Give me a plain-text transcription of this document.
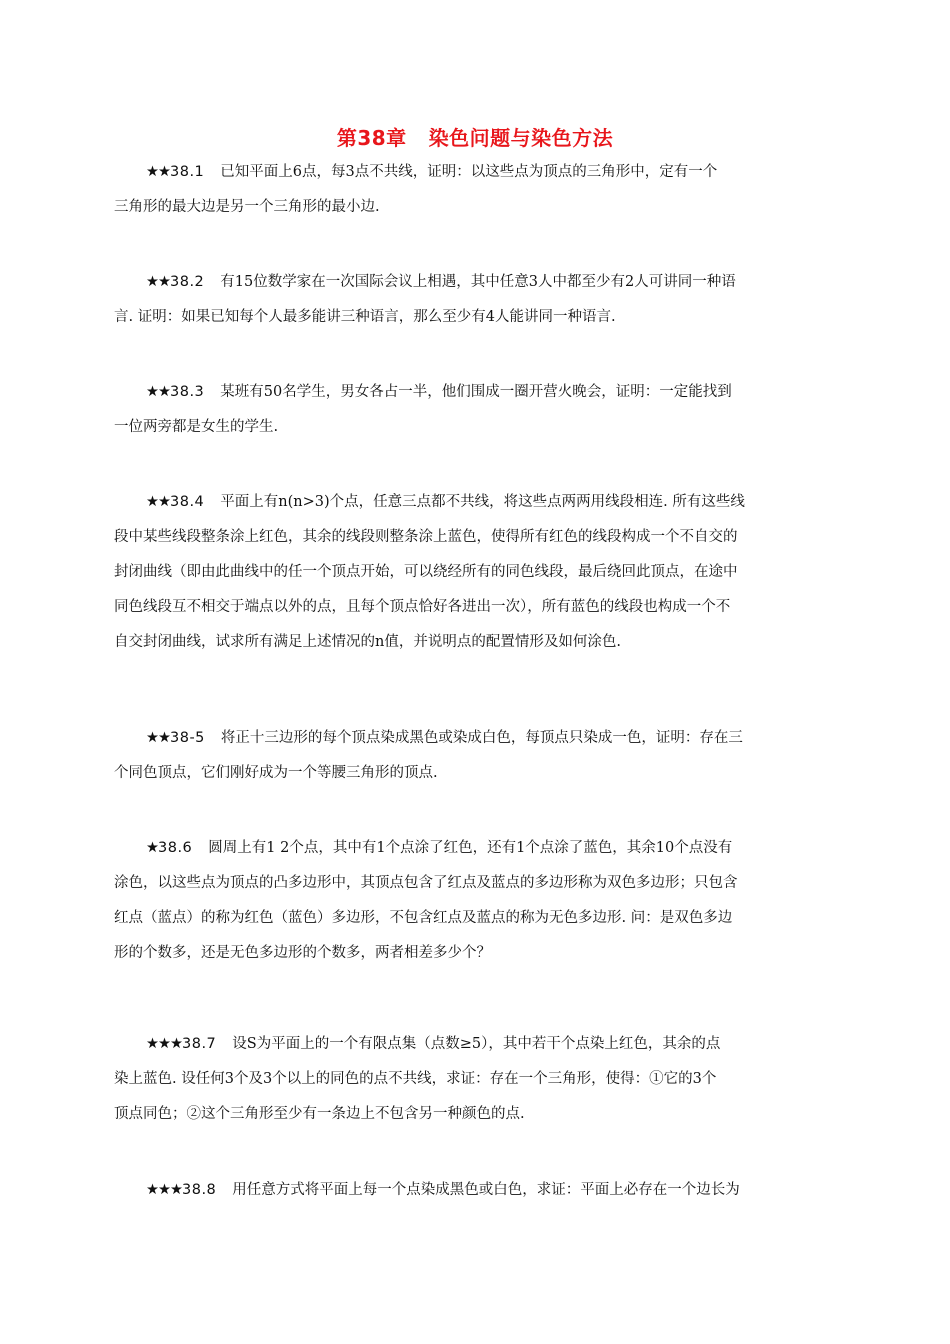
第38章 染色问题与染色方法
★★38.1 已知平面上6点，每3点不共线，证明：以这些点为顶点的三角形中，定有一个
三角形的最大边是另一个三角形的最小边.
★★38.2 有15位数学家在一次国际会议上相遇，其中任意3人中都至少有2人可讲同一种语
言. 证明：如果已知每个人最多能讲三种语言，那么至少有4人能讲同一种语言.
★★38.3 某班有50名学生，男女各占一半，他们围成一圈开营火晚会，证明：一定能找到
一位两旁都是女生的学生.
★★38.4 平面上有n(n>3)个点，任意三点都不共线，将这些点两两用线段相连. 所有这些线
段中某些线段整条涂上红色，其余的线段则整条涂上蓝色，使得所有红色的线段构成一个不自交的
封闭曲线（即由此曲线中的任一个顶点开始，可以绕经所有的同色线段，最后绕回此顶点，在途中
同色线段互不相交于端点以外的点，且每个顶点恰好各进出一次），所有蓝色的线段也构成一个不
自交封闭曲线，试求所有满足上述情况的n值，并说明点的配置情形及如何涂色.
★★38-5 将正十三边形的每个顶点染成黑色或染成白色，每顶点只染成一色，证明：存在三
个同色顶点，它们刚好成为一个等腰三角形的顶点.
★38.6 圆周上有1 2个点，其中有1个点涂了红色，还有1个点涂了蓝色，其余10个点没有
涂色，以这些点为顶点的凸多边形中，其顶点包含了红点及蓝点的多边形称为双色多边形；只包含
红点（蓝点）的称为红色（蓝色）多边形，不包含红点及蓝点的称为无色多边形. 问：是双色多边
形的个数多，还是无色多边形的个数多，两者相差多少个？
★★★38.7 设S为平面上的一个有限点集（点数≥5），其中若干个点染上红色，其余的点
染上蓝色. 设任何3个及3个以上的同色的点不共线，求证：存在一个三角形，使得：①它的3个
顶点同色；②这个三角形至少有一条边上不包含另一种颜色的点.
★★★38.8 用任意方式将平面上每一个点染成黑色或白色，求证：平面上必存在一个边长为
